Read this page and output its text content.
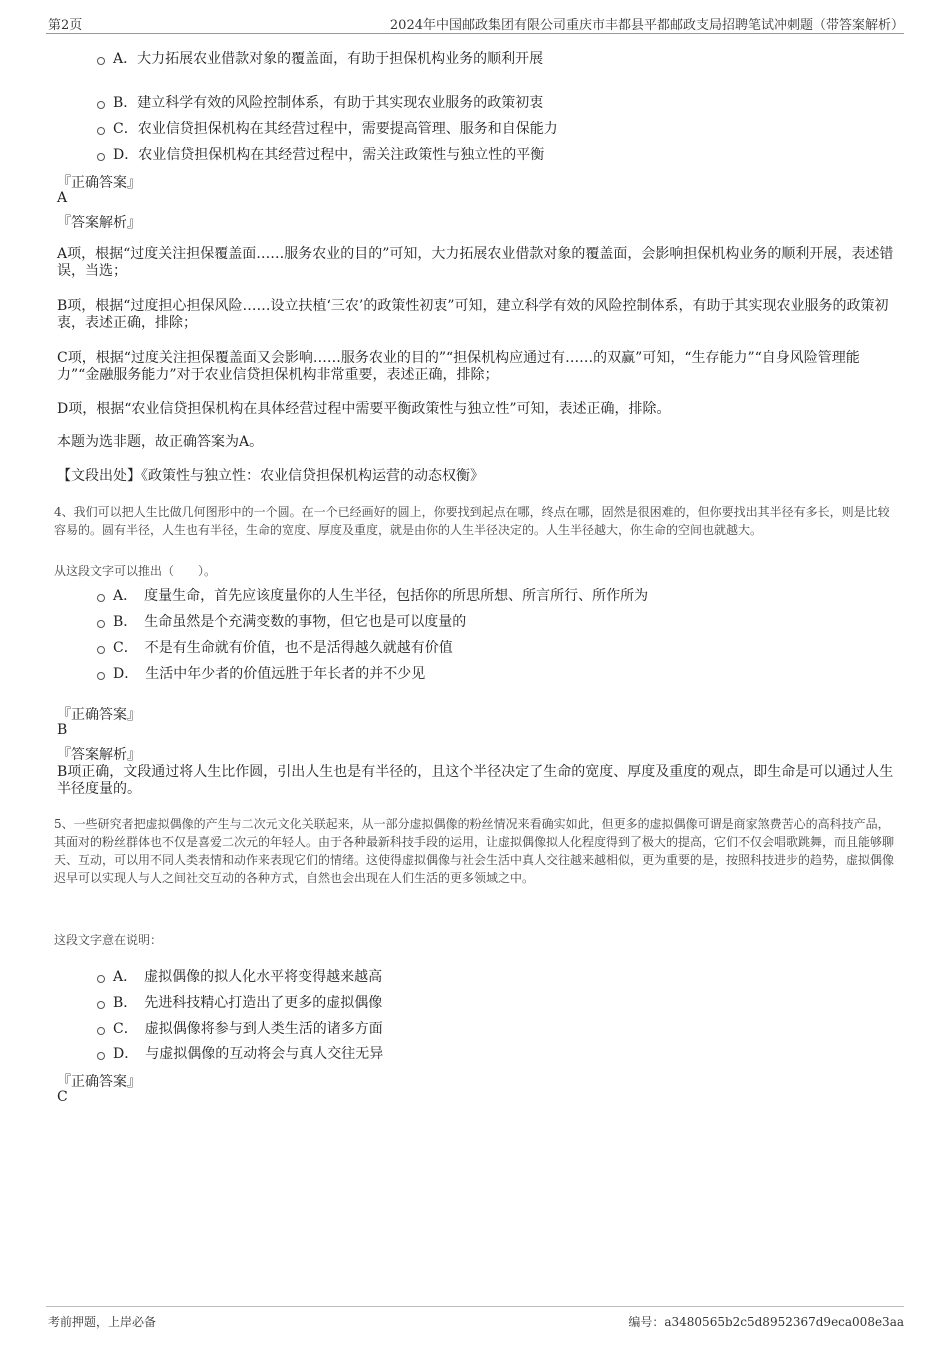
第2页	2024年中国邮政集团有限公司重庆市丰都县平都邮政支局招聘笔试冲刺题（带答案解析）
A．大力拓展农业借款对象的覆盖面，有助于担保机构业务的顺利开展
B．建立科学有效的风险控制体系，有助于其实现农业服务的政策初衷
C．农业信贷担保机构在其经营过程中，需要提高管理、服务和自保能力
D．农业信贷担保机构在其经营过程中，需关注政策性与独立性的平衡
『正确答案』
A
『答案解析』
A项，根据“过度关注担保覆盖面……服务农业的目的”可知，大力拓展农业借款对象的覆盖面，会影响担保机构业务的顺利开展，表述错误，当选；
B项，根据“过度担心担保风险……设立扶植‘三农’的政策性初衷”可知，建立科学有效的风险控制体系，有助于其实现农业服务的政策初衷，表述正确，排除；
C项，根据“过度关注担保覆盖面又会影响……服务农业的目的”“担保机构应通过有……的双赢”可知，“生存能力”“自身风险管理能力”“金融服务能力”对于农业信贷担保机构非常重要，表述正确，排除；
D项，根据“农业信贷担保机构在具体经营过程中需要平衡政策性与独立性”可知，表述正确，排除。
本题为选非题，故正确答案为A。
【文段出处】《政策性与独立性：农业信贷担保机构运营的动态权衡》
4、我们可以把人生比做几何图形中的一个圆。在一个已经画好的圆上，你要找到起点在哪，终点在哪，固然是很困难的，但你要找出其半径有多长，则是比较容易的。圆有半径，人生也有半径，生命的宽度、厚度及重度，就是由你的人生半径决定的。人生半径越大，你生命的空间也就越大。
从这段文字可以推出（　　）。
A．　度量生命，首先应该度量你的人生半径，包括你的所思所想、所言所行、所作所为
B．　生命虽然是个充满变数的事物，但它也是可以度量的
C．　不是有生命就有价值，也不是活得越久就越有价值
D．　生活中年少者的价值远胜于年长者的并不少见
『正确答案』
B
『答案解析』
B项正确，文段通过将人生比作圆，引出人生也是有半径的，且这个半径决定了生命的宽度、厚度及重度的观点，即生命是可以通过人生半径度量的。
5、一些研究者把虚拟偶像的产生与二次元文化关联起来，从一部分虚拟偶像的粉丝情况来看确实如此，但更多的虚拟偶像可谓是商家煞费苦心的高科技产品，其面对的粉丝群体也不仅是喜爱二次元的年轻人。由于各种最新科技手段的运用，让虚拟偶像拟人化程度得到了极大的提高，它们不仅会唱歌跳舞，而且能够聊天、互动，可以用不同人类表情和动作来表现它们的情绪。这使得虚拟偶像与社会生活中真人交往越来越相似，更为重要的是，按照科技进步的趋势，虚拟偶像迟早可以实现人与人之间社交互动的各种方式，自然也会出现在人们生活的更多领域之中。
这段文字意在说明：
A．　虚拟偶像的拟人化水平将变得越来越高
B．　先进科技精心打造出了更多的虚拟偶像
C．　虚拟偶像将参与到人类生活的诸多方面
D．　与虚拟偶像的互动将会与真人交往无异
『正确答案』
C
考前押题，上岸必备	编号：a3480565b2c5d8952367d9eca008e3aa
